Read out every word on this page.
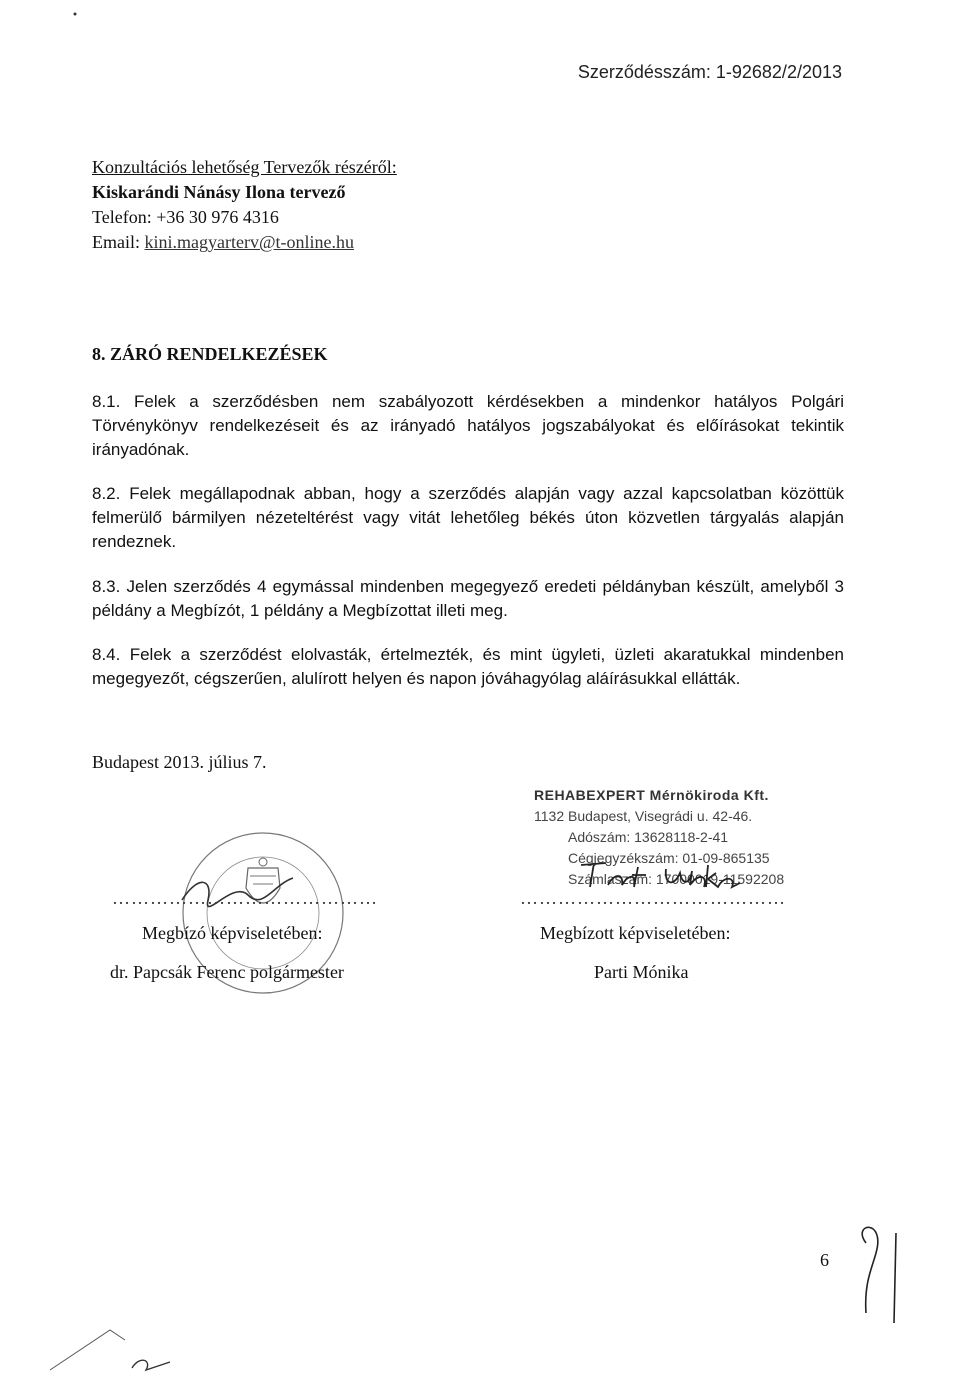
Szerződésszám: 1-92682/2/2013
Konzultációs lehetőség Tervezők részéről:
Kiskarándi Nánásy Ilona tervező
Telefon: +36 30 976 4316
Email: kini.magyarterv@t-online.hu
8. ZÁRÓ RENDELKEZÉSEK
8.1. Felek a szerződésben nem szabályozott kérdésekben a mindenkor hatályos Polgári Törvénykönyv rendelkezéseit és az irányadó hatályos jogszabályokat és előírásokat tekintik irányadónak.
8.2. Felek megállapodnak abban, hogy a szerződés alapján vagy azzal kapcsolatban közöttük felmerülő bármilyen nézeteltérést vagy vitát lehetőleg békés úton közvetlen tárgyalás alapján rendeznek.
8.3. Jelen szerződés 4 egymással mindenben megegyező eredeti példányban készült, amelyből 3 példány a Megbízót, 1 példány a Megbízottat illeti meg.
8.4. Felek a szerződést elolvasták, értelmezték, és mint ügyleti, üzleti akaratukkal mindenben megegyezőt, cégszerűen, alulírott helyen és napon jóváhagyólag aláírásukkal ellátták.
Budapest 2013. július 7.
REHABEXPERT Mérnökiroda Kft.
1132 Budapest, Visegrádi u. 42-46.
Adószám: 13628118-2-41
Cégjegyzékszám: 01-09-865135
Számlaszám: 17000019-11592208
……………………………………
Megbízó képviseletében:
dr. Papcsák Ferenc polgármester
……………………………………
Megbízott képviseletében:
Parti Mónika
6
